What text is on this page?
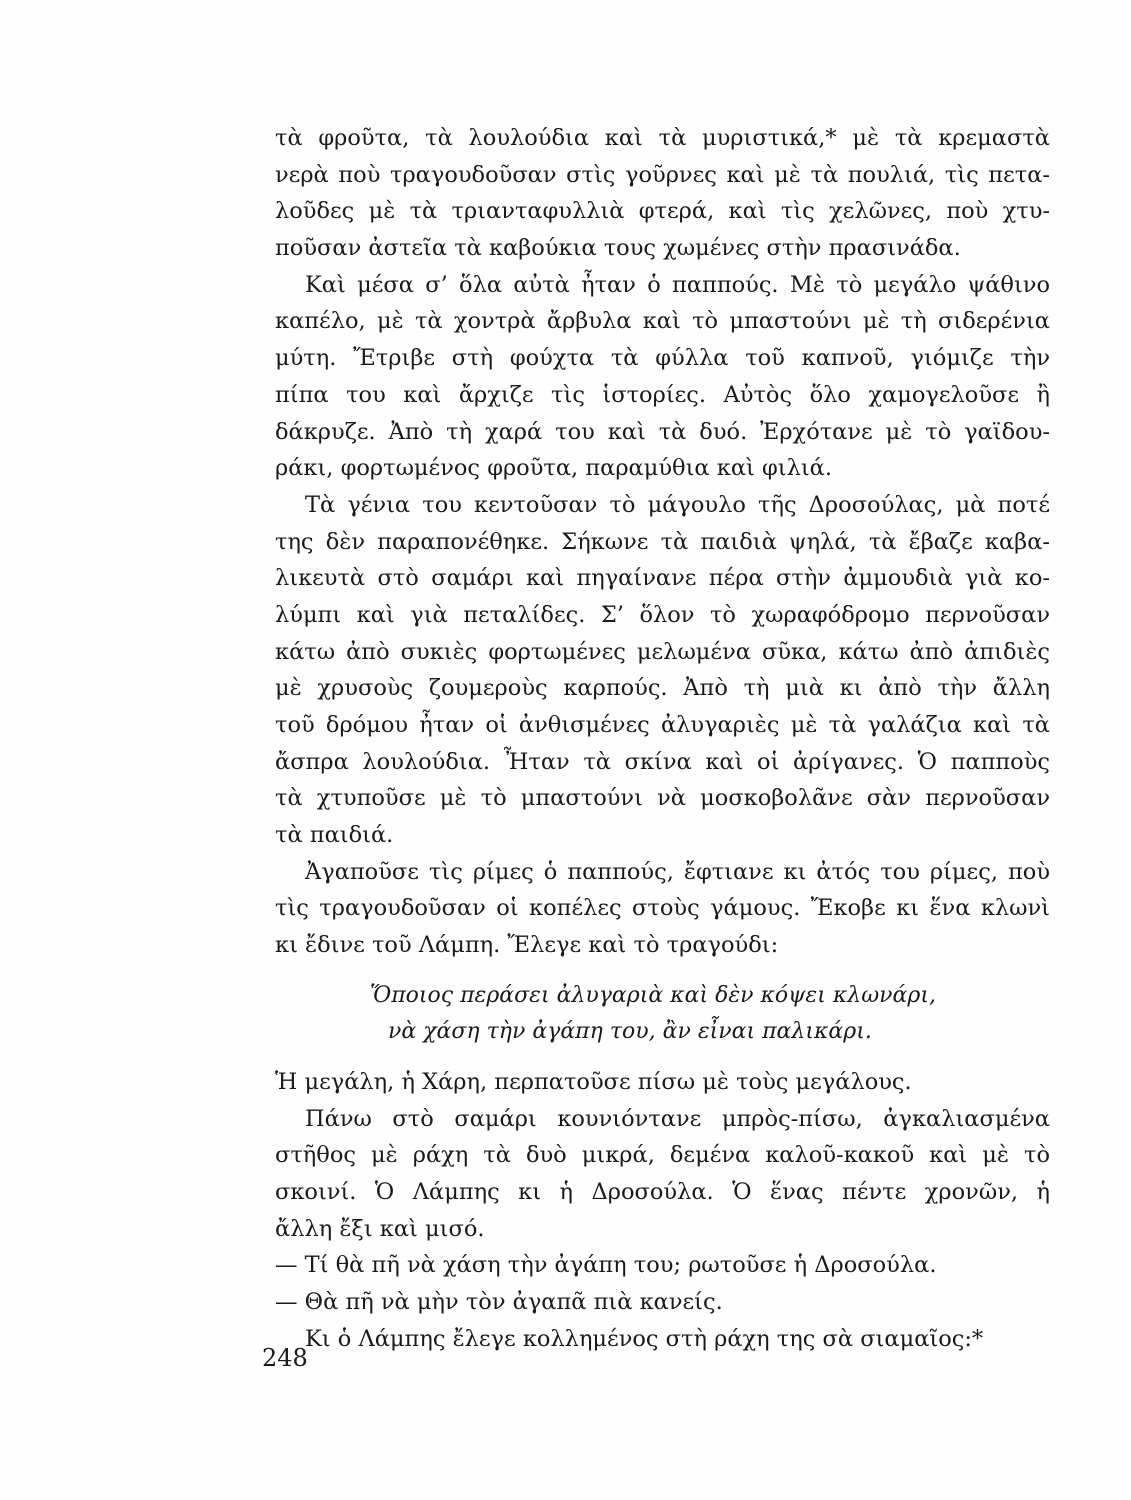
τὰ φροῦτα, τὰ λουλούδια καὶ τὰ μυριστικά,* μὲ τὰ κρεμαστὰ
νερὰ ποὺ τραγουδοῦσαν στὶς γοῦρνες καὶ μὲ τὰ πουλιά, τὶς πετα-
λοῦδες μὲ τὰ τριανταφυλλιὰ φτερά, καὶ τὶς χελῶνες, ποὺ χτυ-
ποῦσαν ἀστεῖα τὰ καβούκια τους χωμένες στὴν πρασινάδα.
Καὶ μέσα σ’ ὅλα αὐτὰ ἦταν ὁ παππούς. Μὲ τὸ μεγάλο ψάθινο
καπέλο, μὲ τὰ χοντρὰ ἄρβυλα καὶ τὸ μπαστούνι μὲ τὴ σιδερένια
μύτη. Ἔτριβε στὴ φούχτα τὰ φύλλα τοῦ καπνοῦ, γιόμιζε τὴν
πίπα του καὶ ἄρχιζε τὶς ἱστορίες. Αὐτὸς ὅλο χαμογελοῦσε ἢ
δάκρυζε. Ἀπὸ τὴ χαρά του καὶ τὰ δυό. Ἐρχότανε μὲ τὸ γαϊδου-
ράκι, φορτωμένος φροῦτα, παραμύθια καὶ φιλιά.
Τὰ γένια του κεντοῦσαν τὸ μάγουλο τῆς Δροσούλας, μὰ ποτέ
της δὲν παραπονέθηκε. Σήκωνε τὰ παιδιὰ ψηλά, τὰ ἔβαζε καβα-
λικευτὰ στὸ σαμάρι καὶ πηγαίνανε πέρα στὴν ἀμμουδιὰ γιὰ κο-
λύμπι καὶ γιὰ πεταλίδες. Σ’ ὅλον τὸ χωραφόδρομο περνοῦσαν
κάτω ἀπὸ συκιὲς φορτωμένες μελωμένα σῦκα, κάτω ἀπὸ ἀπιδιὲς
μὲ χρυσοὺς ζουμεροὺς καρπούς. Ἀπὸ τὴ μιὰ κι ἀπὸ τὴν ἄλλη
τοῦ δρόμου ἦταν οἱ ἀνθισμένες ἀλυγαριὲς μὲ τὰ γαλάζια καὶ τὰ
ἄσπρα λουλούδια. Ἦταν τὰ σκίνα καὶ οἱ ἀρίγανες. Ὁ παπποὺς
τὰ χτυποῦσε μὲ τὸ μπαστούνι νὰ μοσκοβολᾶνε σὰν περνοῦσαν
τὰ παιδιά.
Ἀγαποῦσε τὶς ρίμες ὁ παππούς, ἔφτιανε κι ἀτός του ρίμες, ποὺ
τὶς τραγουδοῦσαν οἱ κοπέλες στοὺς γάμους. Ἔκοβε κι ἕνα κλωνὶ
κι ἔδινε τοῦ Λάμπη. Ἔλεγε καὶ τὸ τραγούδι:
Ὅποιος περάσει ἀλυγαριὰ καὶ δὲν κόψει κλωνάρι,
νὰ χάση τὴν ἀγάπη του, ἂν εἶναι παλικάρι.
Ἡ μεγάλη, ἡ Χάρη, περπατοῦσε πίσω μὲ τοὺς μεγάλους.
Πάνω στὸ σαμάρι κουνιόντανε μπρὸς-πίσω, ἀγκαλιασμένα
στῆθος μὲ ράχη τὰ δυὸ μικρά, δεμένα καλοῦ-κακοῦ καὶ μὲ τὸ
σκοινί. Ὁ Λάμπης κι ἡ Δροσούλα. Ὁ ἕνας πέντε χρονῶν, ἡ
ἄλλη ἔξι καὶ μισό.
— Τί θὰ πῆ νὰ χάση τὴν ἀγάπη του; ρωτοῦσε ἡ Δροσούλα.
— Θὰ πῆ νὰ μὴν τὸν ἀγαπᾶ πιὰ κανείς.
Κι ὁ Λάμπης ἔλεγε κολλημένος στὴ ράχη της σὰ σιαμαῖος:*
248
